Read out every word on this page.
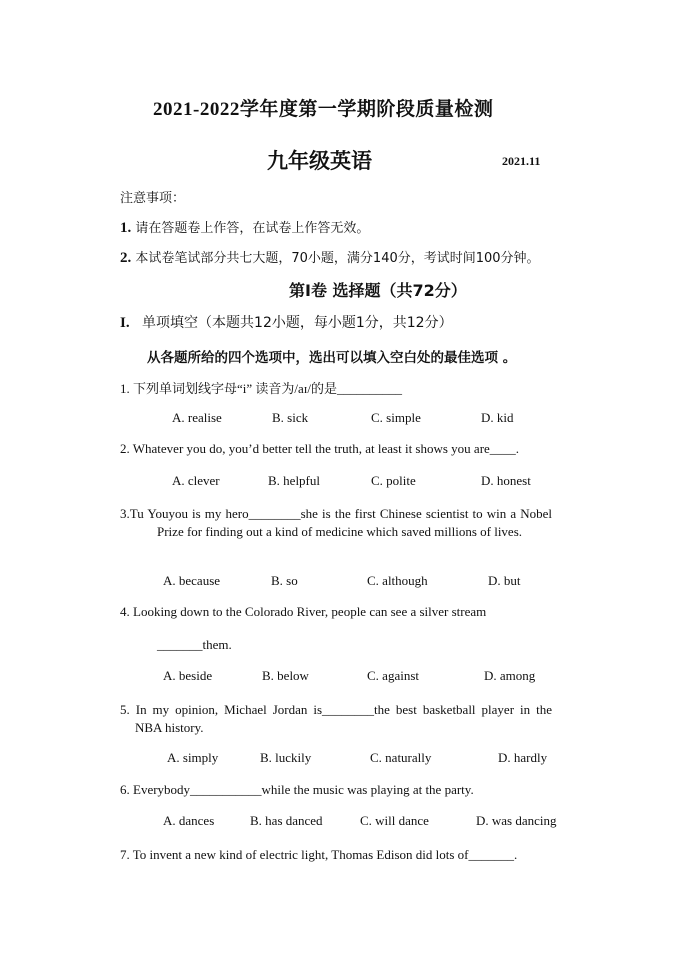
2021-2022学年度第一学期阶段质量检测
九年级英语	2021.11
注意事项：
1. 请在答题卷上作答，在试卷上作答无效。
2. 本试卷笔试部分共七大题，70小题，满分140分，考试时间100分钟。
第Ⅰ卷 选择题（共72分）
I. 单项填空（本题共12小题，每小题1分，共12分）
从各题所给的四个选项中，选出可以填入空白处的最佳选项 。
1. 下列单词划线字母“i” 读音为/aɪ/的是__________
A. realise	B. sick	C. simple	D. kid
2. Whatever you do, you’d better tell the truth, at least it shows you are____.
A. clever	B. helpful	C. polite	D. honest
3.Tu Youyou is my hero________she is the first Chinese scientist to win a Nobel Prize for finding out a kind of medicine which saved millions of lives.
A. because	B. so	C. although	D. but
4. Looking down to the Colorado River, people can see a silver stream
_______them.
A. beside	B. below	C. against	D. among
5. In my opinion, Michael Jordan is________the best basketball player in the NBA history.
A. simply	B. luckily	C. naturally	D. hardly
6. Everybody___________while the music was playing at the party.
A. dances	B. has danced	C. will dance	D. was dancing
7. To invent a new kind of electric light, Thomas Edison did lots of_______.
